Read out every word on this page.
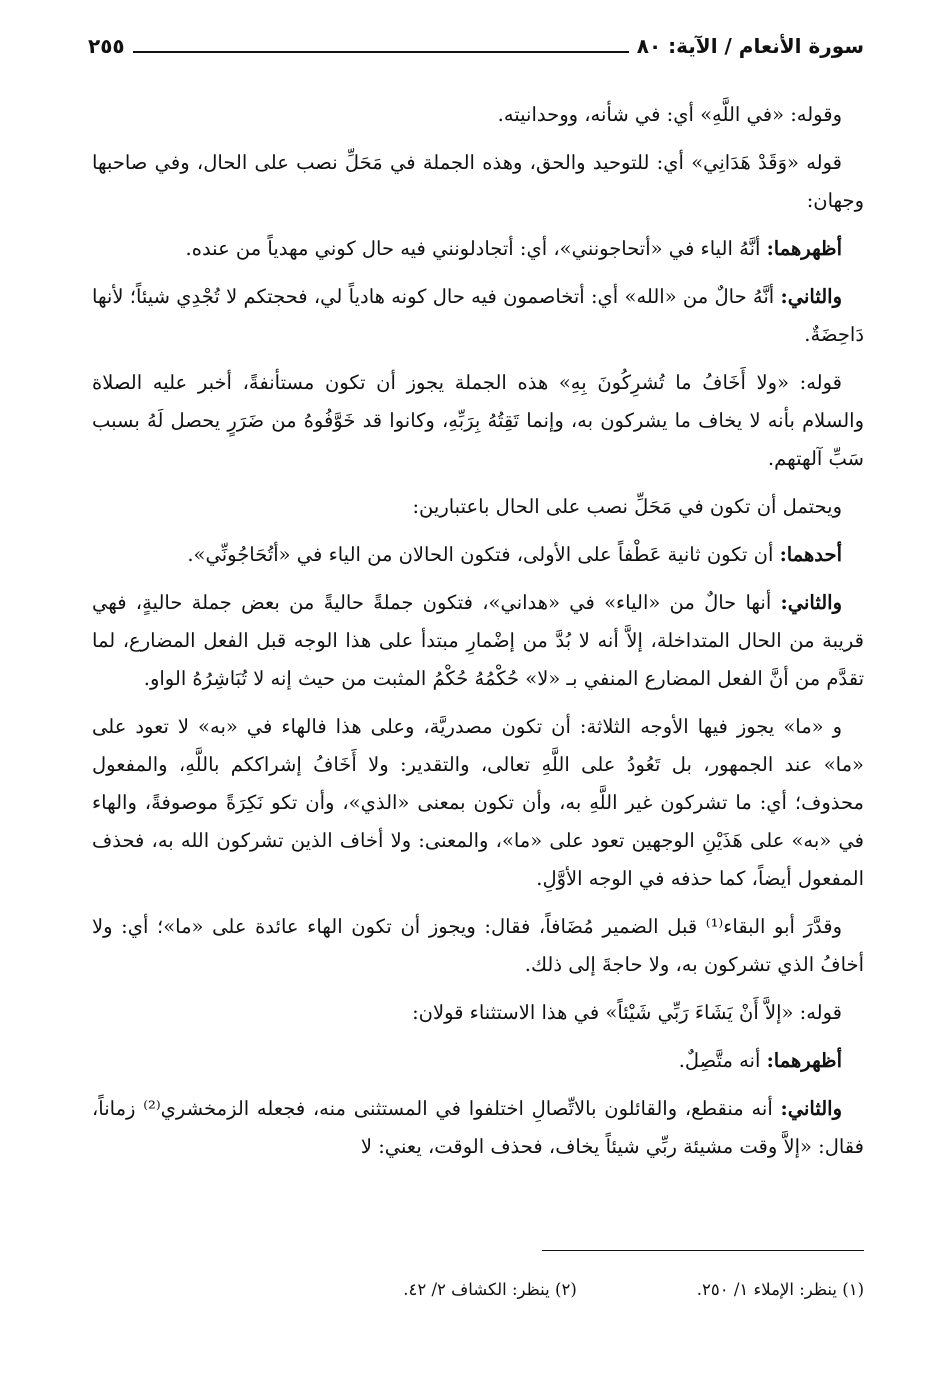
سورة الأنعام / الآية: ٨٠
٢٥٥

وقوله: «في اللَّهِ» أي: في شأنه، ووحدانيته.

قوله «وَقَدْ هَدَانِي» أي: للتوحيد والحق، وهذه الجملة في مَحَلِّ نصب على الحال، وفي صاحبها وجهان:

أظهرهما: أنَّهُ الياء في «أتحاجونني»، أي: أتجادلونني فيه حال كوني مهدياً من عنده.

والثاني: أنَّهُ حالٌ من «الله» أي: أتخاصمون فيه حال كونه هادياً لي، فحجتكم لا تُجْدِي شيئاً؛ لأنها دَاحِضَةٌ.

قوله: «ولا أَخَافُ ما تُشرِكُونَ بِهِ» هذه الجملة يجوز أن تكون مستأنفةً، أخبر عليه الصلاة والسلام بأنه لا يخاف ما يشركون به، وإنما تَقِتُهُ بِرَبِّهِ، وكانوا قد خَوَّفُوهُ من ضَرَرٍ يحصل لَهُ بسبب سَبِّ آلهتهم.

ويحتمل أن تكون في مَحَلِّ نصب على الحال باعتبارين:

أحدهما: أن تكون ثانية عَطْفاً على الأولى، فتكون الحالان من الياء في «أتُحَاجُونِّي».

والثاني: أنها حالٌ من «الياء» في «هداني»، فتكون جملةً حاليةً من بعض جملة حاليةٍ، فهي قريبة من الحال المتداخلة، إلاَّ أنه لا بُدَّ من إضْمارِ مبتدأ على هذا الوجه قبل الفعل المضارع، لما تقدَّم من أنَّ الفعل المضارع المنفي بـ «لا» حُكْمُهُ حُكْمُ المثبت من حيث إنه لا تُبَاشِرُهُ الواو.

و «ما» يجوز فيها الأوجه الثلاثة: أن تكون مصدريَّة، وعلى هذا فالهاء في «به» لا تعود على «ما» عند الجمهور، بل تَعُودُ على اللَّهِ تعالى، والتقدير: ولا أَخَافُ إشراككم باللَّهِ، والمفعول محذوف؛ أي: ما تشركون غير اللَّهِ به، وأن تكون بمعنى «الذي»، وأن تكو نَكِرَةً موصوفةً، والهاء في «به» على هَذَيْنِ الوجهين تعود على «ما»، والمعنى: ولا أخاف الذين تشركون الله به، فحذف المفعول أيضاً، كما حذفه في الوجه الأوَّلِ.

وقدَّرَ أبو البقاء⁽¹⁾ قبل الضمير مُضَافاً، فقال: ويجوز أن تكون الهاء عائدة على «ما»؛ أي: ولا أخافُ الذي تشركون به، ولا حاجةَ إلى ذلك.

قوله: «إلاَّ أَنْ يَشَاءَ رَبِّي شَيْئاً» في هذا الاستثناء قولان:

أظهرهما: أنه متَّصِلٌ.

والثاني: أنه منقطع، والقائلون بالاتِّصالِ اختلفوا في المستثنى منه، فجعله الزمخشري⁽²⁾ زماناً، فقال: «إلاَّ وقت مشيئة ربِّي شيئاً يخاف، فحذف الوقت، يعني: لا

(١) ينظر: الإملاء ١/ ٢٥٠.
(٢) ينظر: الكشاف ٢/ ٤٢.
